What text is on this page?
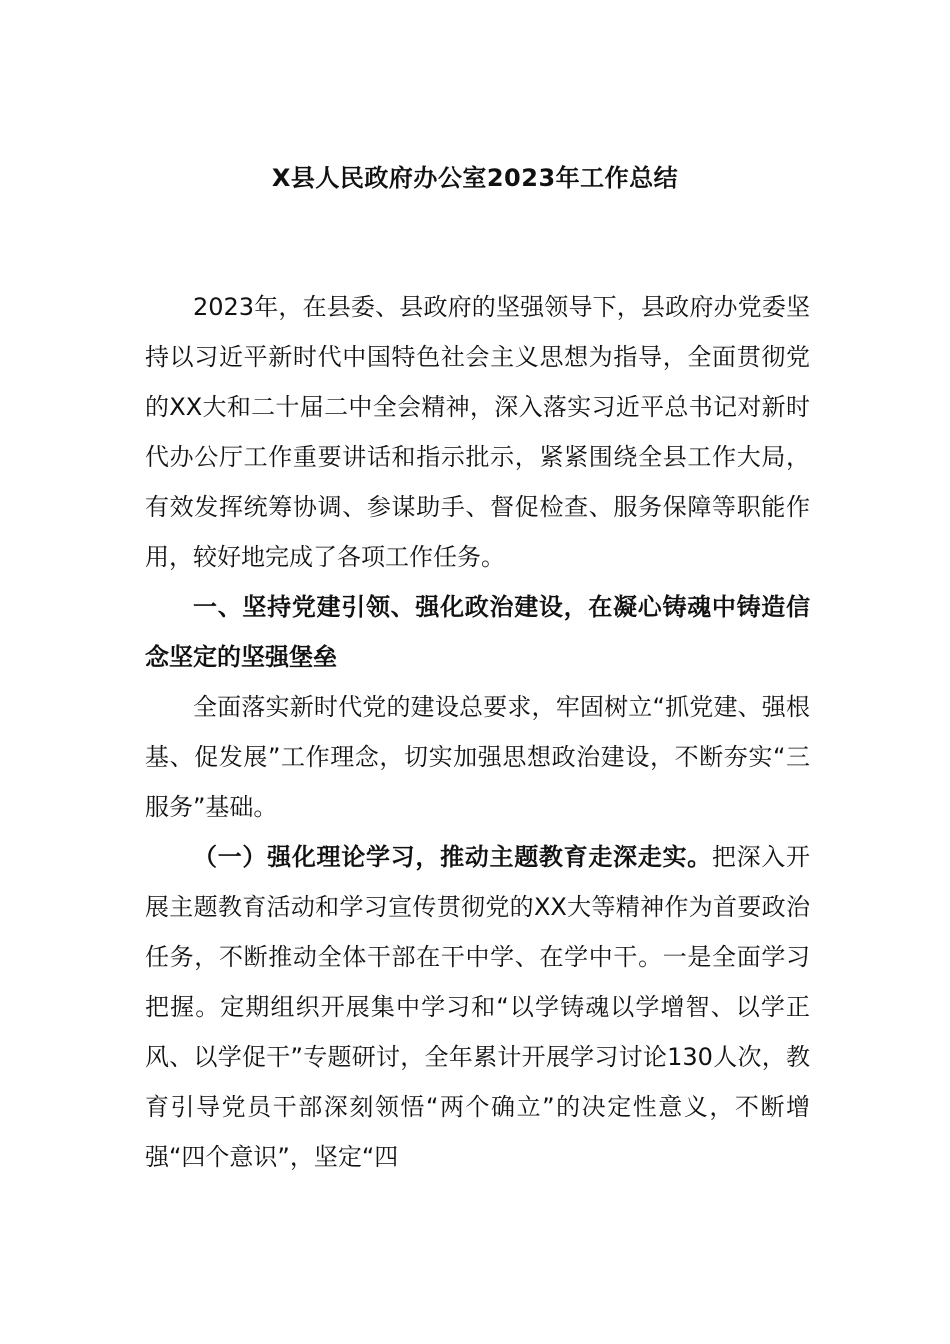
X县人民政府办公室2023年工作总结

2023年，在县委、县政府的坚强领导下，县政府办党委坚持以习近平新时代中国特色社会主义思想为指导，全面贯彻党的XX大和二十届二中全会精神，深入落实习近平总书记对新时代办公厅工作重要讲话和指示批示，紧紧围绕全县工作大局，有效发挥统筹协调、参谋助手、督促检查、服务保障等职能作用，较好地完成了各项工作任务。

一、坚持党建引领、强化政治建设，在凝心铸魂中铸造信念坚定的坚强堡垒

全面落实新时代党的建设总要求，牢固树立“抓党建、强根基、促发展”工作理念，切实加强思想政治建设，不断夯实“三服务”基础。

（一）强化理论学习，推动主题教育走深走实。把深入开展主题教育活动和学习宣传贯彻党的XX大等精神作为首要政治任务，不断推动全体干部在干中学、在学中干。一是全面学习把握。定期组织开展集中学习和“以学铸魂以学增智、以学正风、以学促干”专题研讨，全年累计开展学习讨论130人次，教育引导党员干部深刻领悟“两个确立”的决定性意义，不断增强“四个意识”，坚定“四
